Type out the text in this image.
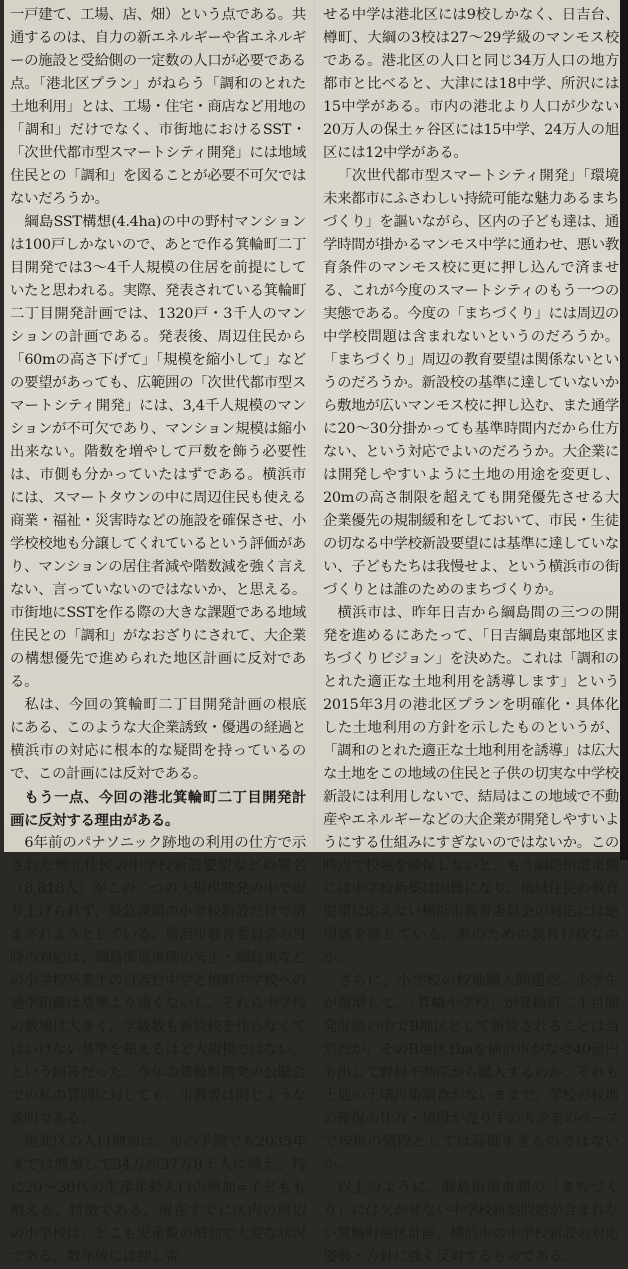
一戸建て、工場、店、畑）という点である。共通するのは、自力の新エネルギーや省エネルギーの施設と受給側の一定数の人口が必要である点。「港北区プラン」がねらう「調和のとれた土地利用」とは、工場・住宅・商店など用地の「調和」だけでなく、市街地におけるSST・「次世代都市型スマートシティ開発」には地域住民との「調和」を図ることが必要不可欠ではないだろうか。

綱島SST構想(4.4ha)の中の野村マンションは100戸しかないので、あとで作る箕輪町二丁目開発では3～4千人規模の住居を前提にしていたと思われる。実際、発表されている箕輪町二丁目開発計画では、1320戸・3千人のマンションの計画である。発表後、周辺住民から「60mの高さ下げて」「規模を縮小して」などの要望があっても、広範囲の「次世代都市型スマートシティ開発」には、3,4千人規模のマンションが不可欠であり、マンション規模は縮小出来ない。階数を増やして戸数を飾う必要性は、市側も分かっていたはずである。横浜市には、スマートタウンの中に周辺住民も使える商業・福祉・災害時などの施設を確保させ、小学校校地も分譲してくれているという評価があり、マンションの居住者減や階数減を強く言えない、言っていないのではないか、と思える。市街地にSSTを作る際の大きな課題である地域住民との「調和」がなおざりにされて、大企業の構想優先で進められた地区計画に反対である。

私は、今回の箕輪町二丁目開発計画の根底にある、このような大企業誘致・優遇の経過と横浜市の対応に根本的な疑問を持っているので、この計画には反対である。

もう一点、今回の港北箕輪町二丁目開発計画に反対する理由がある。

6年前のパナソニック跡地の利用の仕方で示された地元住民の中学校新設要望などの署名（8,818人）がこの二つの大規模開発の中で取り上げられず、緊急課題の小学校新設だけで済まされようとしている。横浜市教育委員会の当時の対応は、綱島街道東側の矢上・綱島東などの小学校卒業生の日吉台中学と樽町中学校への通学距離は基準より遠くないし、それら中学校の敷地は大きく、学級数も新設校を作らなくてはいけない基準を超えるほど大規模ではない、という回答だった。今年の箕輪町開発の公聴会での私の質問に対しても、市教委は同じような説明である。

港北区の人口増加は、市の予測でも2035年までは増加して34万が37万8千人に増え、特に20～30代の生産年齢人口の増加=子どもも増える、特徴である。現在すでに区内の周辺の小学校は、どこも児童数の増加で大変な状況である。数年後には押し寄

せる中学は港北区には9校しかなく、日吉台、樽町、大綱の3校は27～29学級のマンモス校である。港北区の人口と同じ34万人口の地方都市と比べると、大津には18中学、所沢には15中学がある。市内の港北より人口が少ない20万人の保土ヶ谷区には15中学、24万人の旭区には12中学がある。

「次世代都市型スマートシティ開発」「環境未来都市にふさわしい持続可能な魅力あるまちづくり」を謳いながら、区内の子ども達は、通学時間が掛かるマンモス中学に通わせ、悪い教育条件のマンモス校に更に押し込んで済ませる、これが今度のスマートシティのもう一つの実態である。今度の「まちづくり」には周辺の中学校問題は含まれないというのだろうか。「まちづくり」周辺の教育要望は関係ないというのだろうか。新設校の基準に達していないから敷地が広いマンモス校に押し込む、また通学に20～30分掛かっても基準時間内だから仕方ない、という対応でよいのだろうか。大企業には開発しやすいように土地の用途を変更し、20mの高さ制限を超えても開発優先させる大企業優先の規制緩和をしておいて、市民・生徒の切なる中学校新設要望には基準に達していない、子どもたちは我慢せよ、という横浜市の街づくりとは誰のためのまちづくりか。

横浜市は、昨年日吉から綱島間の三つの開発を進めるにあたって、「日吉綱島東部地区まちづくりビジョン」を決めた。これは「調和のとれた適正な土地利用を誘導します」という2015年3月の港北区プランを明確化・具体化した土地利用の方針を示したものというが、「調和のとれた適正な土地利用を誘導」は広大な土地をこの地域の住民と子供の切実な中学校新設には利用しないで、結局はこの地域で不動産やエネルギーなどの大企業が開発しやすいようにする仕組みにすぎないのではないか。この時点で校地を確保しないと、もう綱島街道東側には中学校新築は困難になり、地域住民の教育要望に応えない横浜市教育委員会の対応には絶望感を感じている。誰のための教育行政なのか。

さらに、小学校の校地購入問題だ。小学生が激増して、「箕輪小学校」が箕輪町二丁目開発計画の中でB地区として新設されることは当然だが、そのB地区1haを横浜市がなぜ40億円も出して野村不動産から購入するのか、それも土地の土壌汚染調査がないままで。学校の校地の確保の仕方・値段が売り手の大企業のペースで校地の値段としては高価すぎるのではないか。

以上のように、綱島街道東側の「まちづくり」には欠かせない中学校新築問題が含まれない箕輪町地区計画、横浜市の中学校新設の対応姿勢・方針に強く反対するものである。
